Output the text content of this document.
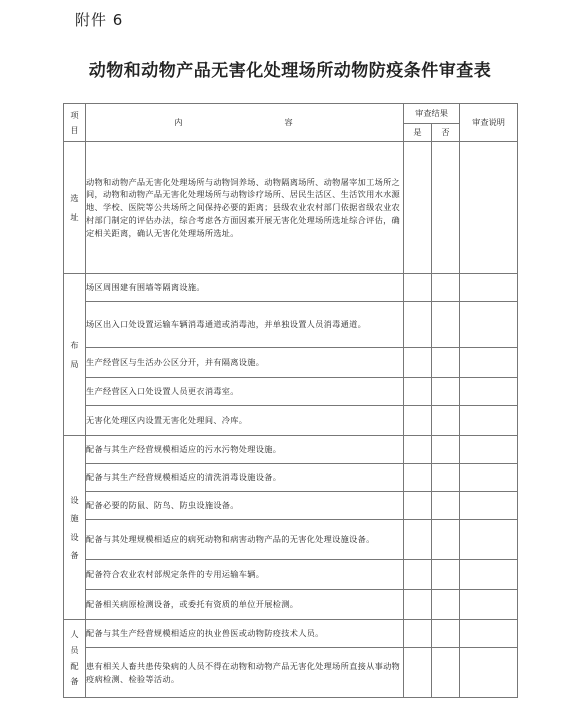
附件 6
动物和动物产品无害化处理场所动物防疫条件审查表
项
目	内 容	审查结果		审查说明
		是	否	

选址	动物和动物产品无害化处理场所与动物饲养场、动物隔离场所、动物屠宰加工场所之间，动物和动物产品无害化处理场所与动物诊疗场所、居民生活区、生活饮用水水源地、学校、医院等公共场所之间保持必要的距离；县级农业农村部门依据省级农业农村部门制定的评估办法，综合考虑各方面因素开展无害化处理场所选址综合评估，确定相关距离，确认无害化处理场所选址。			

布局	场区周围建有围墙等隔离设施。			
	场区出入口处设置运输车辆消毒通道或消毒池，并单独设置人员消毒通道。			
	生产经营区与生活办公区分开，并有隔离设施。			
	生产经营区入口处设置人员更衣消毒室。			
	无害化处理区内设置无害化处理间、冷库。			

设施设备	配备与其生产经营规模相适应的污水污物处理设施。			
	配备与其生产经营规模相适应的清洗消毒设施设备。			
	配备必要的防鼠、防鸟、防虫设施设备。			
	配备与其处理规模相适应的病死动物和病害动物产品的无害化处理设施设备。			
	配备符合农业农村部规定条件的专用运输车辆。			
	配备相关病原检测设备，或委托有资质的单位开展检测。			

人员配备	配备与其生产经营规模相适应的执业兽医或动物防疫技术人员。			
	患有相关人畜共患传染病的人员不得在动物和动物产品无害化处理场所直接从事动物疫病检测、检验等活动。			
